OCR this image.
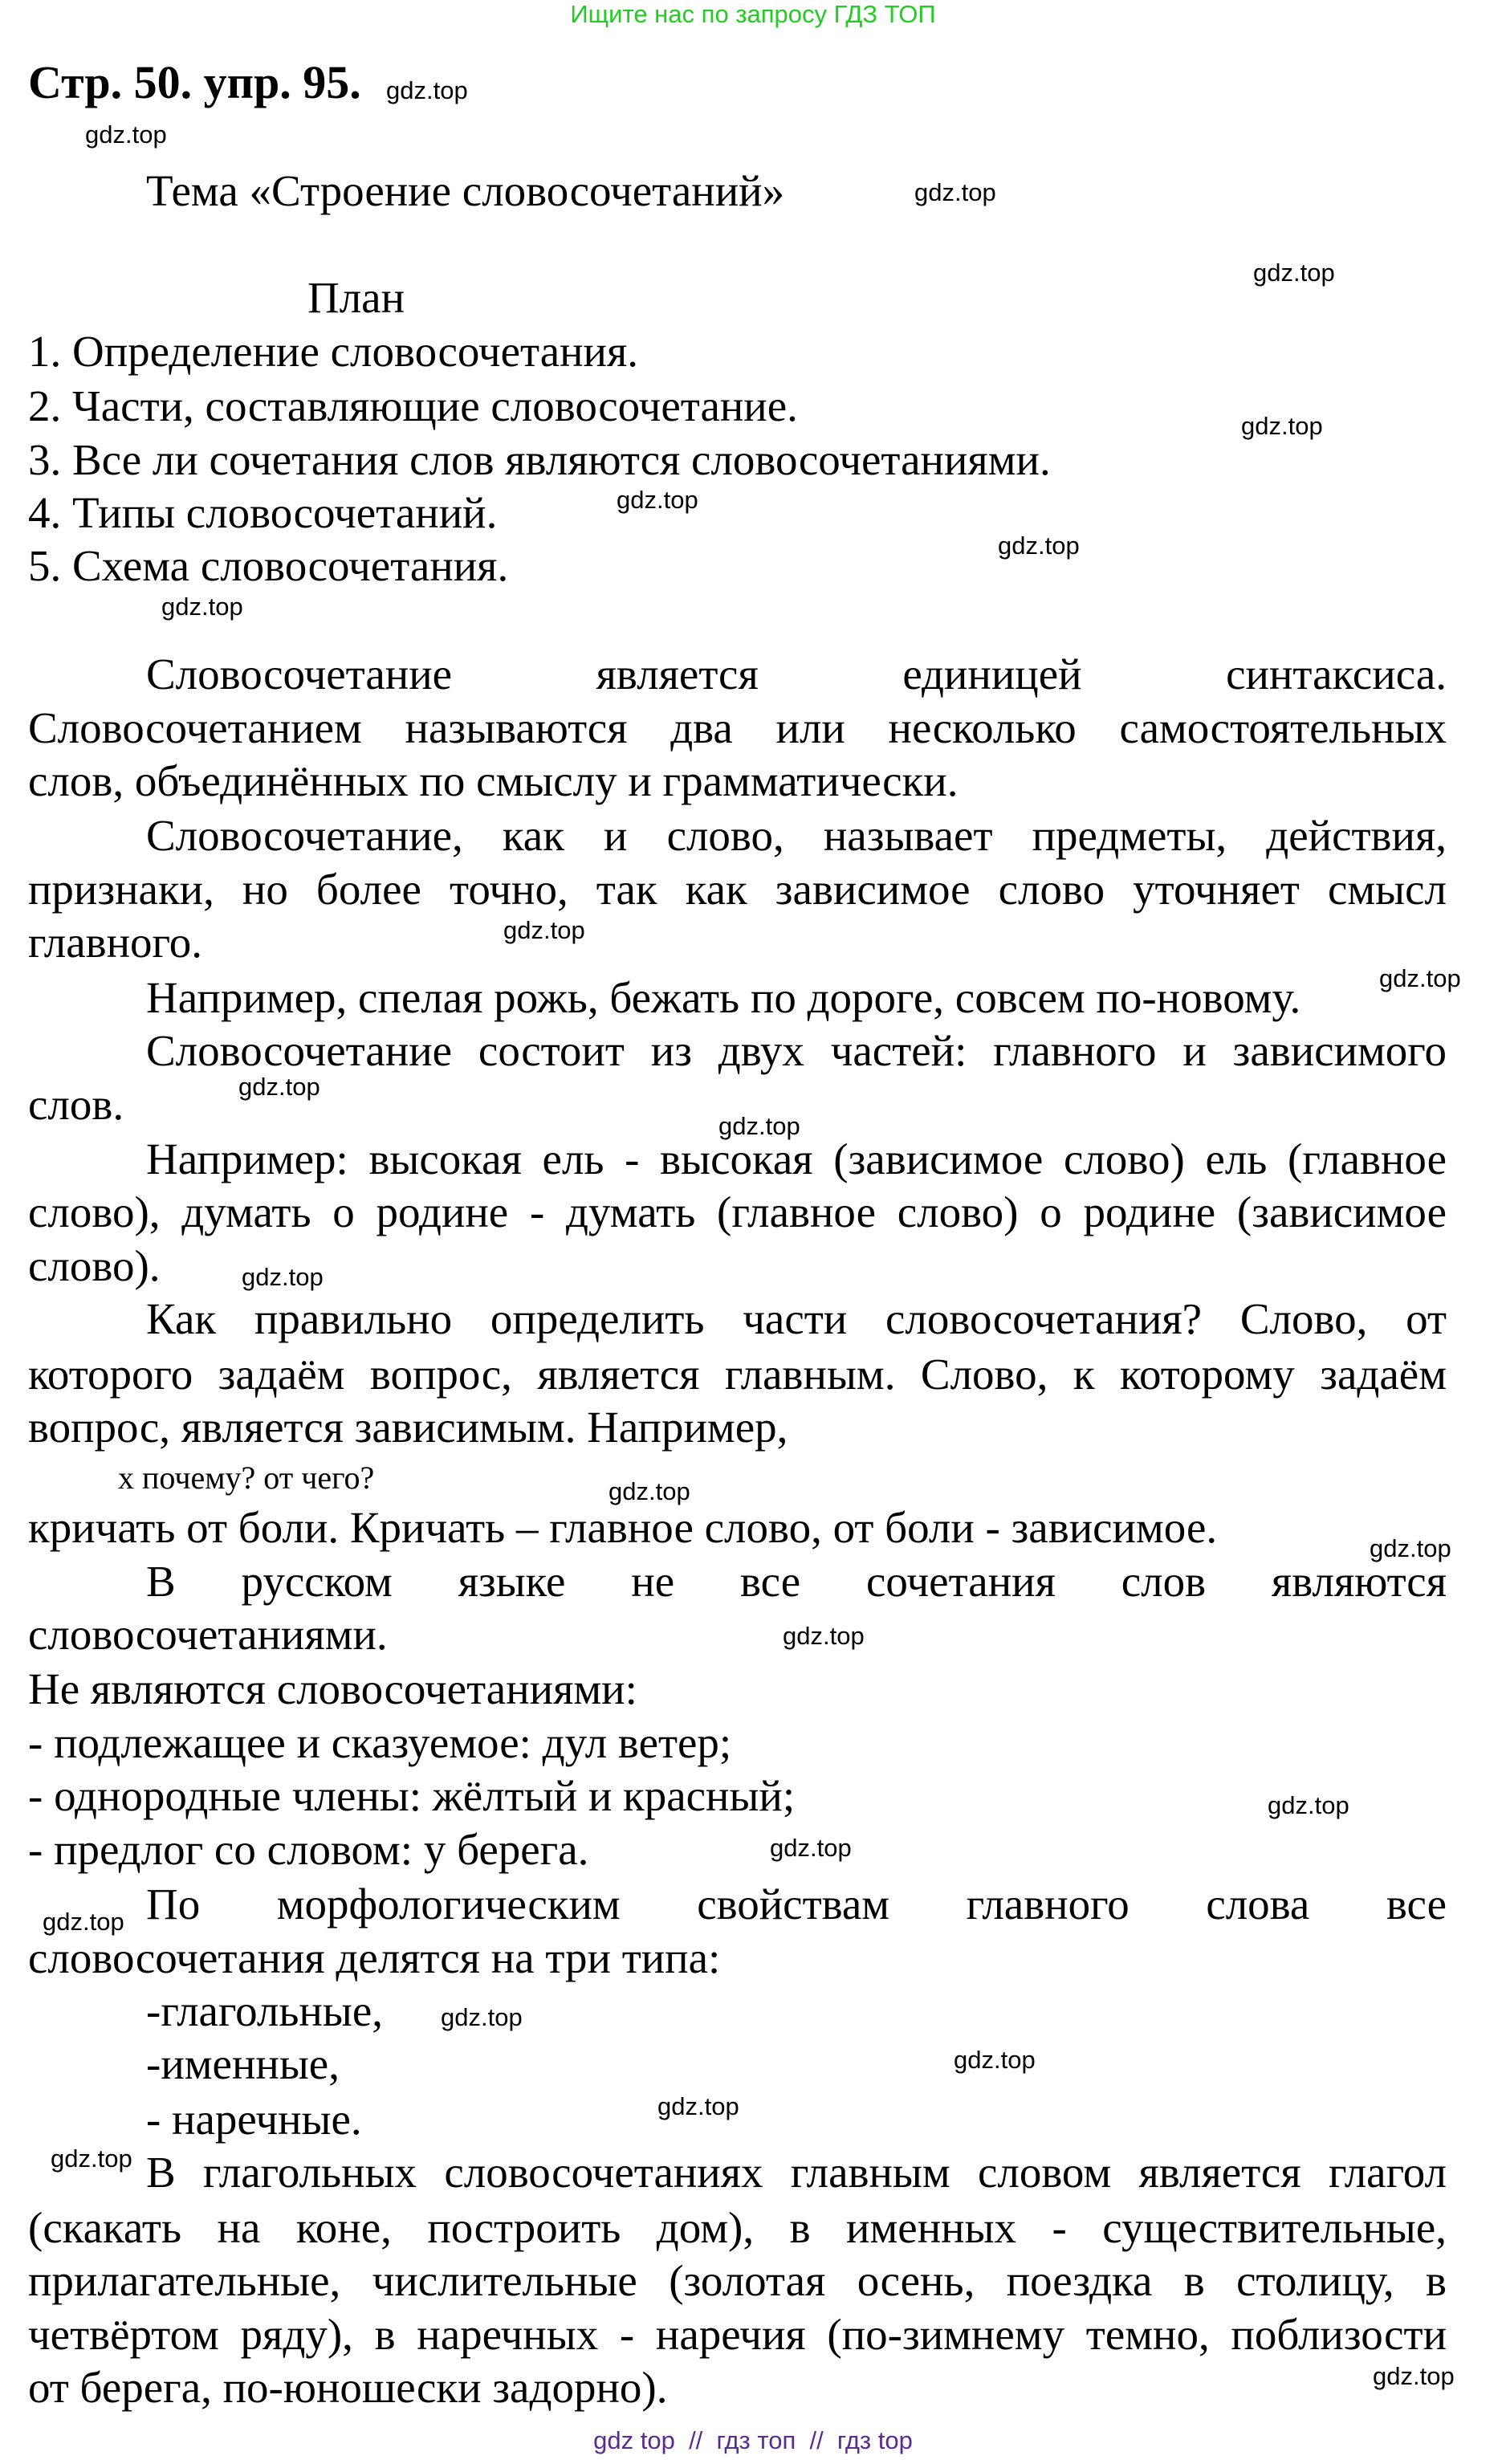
Ищите нас по запросу ГДЗ ТОП
Стр. 50. упр. 95.
Тема «Строение словосочетаний»
План
1. Определение словосочетания.
2. Части, составляющие словосочетание.
3. Все ли сочетания слов являются словосочетаниями.
4. Типы словосочетаний.
5. Схема словосочетания.
Словосочетание является единицей синтаксиса.
Словосочетанием называются два или несколько самостоятельных
слов, объединённых по смыслу и грамматически.
Словосочетание, как и слово, называет предметы, действия,
признаки, но более точно, так как зависимое слово уточняет смысл
главного.
Например, спелая рожь, бежать по дороге, совсем по-новому.
Словосочетание состоит из двух частей: главного и зависимого
слов.
Например: высокая ель - высокая (зависимое слово) ель (главное
слово), думать о родине - думать (главное слово) о родине (зависимое
слово).
Как правильно определить части словосочетания? Слово, от
которого задаём вопрос, является главным. Слово, к которому задаём
вопрос, является зависимым. Например,
х почему? от чего?
кричать от боли. Кричать – главное слово, от боли - зависимое.
В русском языке не все сочетания слов являются
словосочетаниями.
Не являются словосочетаниями:
- подлежащее и сказуемое: дул ветер;
- однородные члены: жёлтый и красный;
- предлог со словом: у берега.
По морфологическим свойствам главного слова все
словосочетания делятся на три типа:
-глагольные,
-именные,
- наречные.
В глагольных словосочетаниях главным словом является глагол
(скакать на коне, построить дом), в именных - существительные,
прилагательные, числительные (золотая осень, поездка в столицу, в
четвёртом ряду), в наречных - наречия (по-зимнему темно, поблизости
от берега, по-юношески задорно).
gdz.top
gdz.top
gdz.top
gdz.top
gdz.top
gdz.top
gdz.top
gdz.top
gdz.top
gdz.top
gdz.top
gdz.top
gdz.top
gdz.top
gdz.top
gdz.top
gdz.top
gdz.top
gdz.top
gdz.top
gdz.top
gdz.top
gdz.top
gdz.top
gdz top  //  гдз топ  //  гдз top
